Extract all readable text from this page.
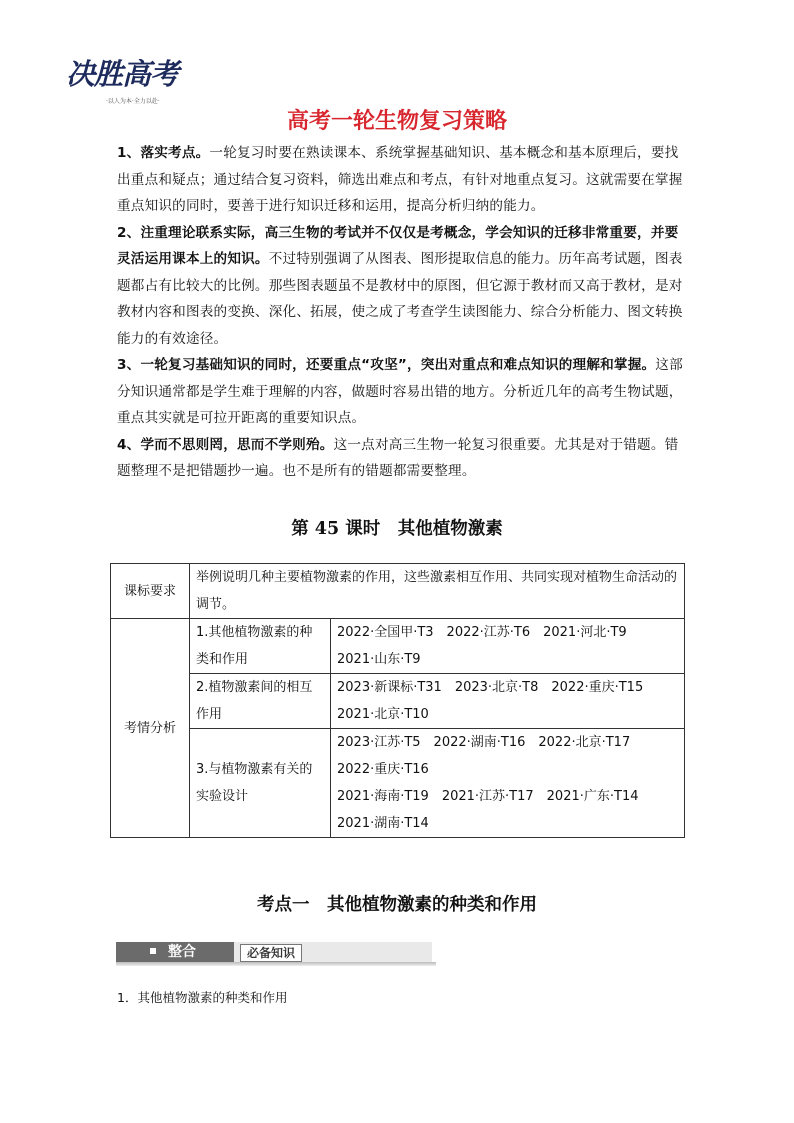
决胜高考
·以人为本·全力以赴·
高考一轮生物复习策略

1、落实考点。一轮复习时要在熟读课本、系统掌握基础知识、基本概念和基本原理后，要找出重点和疑点；通过结合复习资料，筛选出难点和考点，有针对地重点复习。这就需要在掌握重点知识的同时，要善于进行知识迁移和运用，提高分析归纳的能力。

2、注重理论联系实际，高三生物的考试并不仅仅是考概念，学会知识的迁移非常重要，并要灵活运用课本上的知识。不过特别强调了从图表、图形提取信息的能力。历年高考试题，图表题都占有比较大的比例。那些图表题虽不是教材中的原图，但它源于教材而又高于教材，是对教材内容和图表的变换、深化、拓展，使之成了考查学生读图能力、综合分析能力、图文转换能力的有效途径。

3、一轮复习基础知识的同时，还要重点“攻坚”，突出对重点和难点知识的理解和掌握。这部分知识通常都是学生难于理解的内容，做题时容易出错的地方。分析近几年的高考生物试题，重点其实就是可拉开距离的重要知识点。

4、学而不思则罔，思而不学则殆。这一点对高三生物一轮复习很重要。尤其是对于错题。错题整理不是把错题抄一遍。也不是所有的错题都需要整理。

第 45 课时　其他植物激素
课标要求	举例说明几种主要植物激素的作用，这些激素相互作用、共同实现对植物生命活动的调节。	
考情分析	1.其他植物激素的种类和作用	2022·全国甲·T3　2022·江苏·T6　2021·河北·T9
2021·山东·T9

	2.植物激素间的相互作用	2023·新课标·T31　2023·北京·T8　2022·重庆·T15
2021·北京·T10

	3.与植物激素有关的实验设计	2023·江苏·T5　2022·湖南·T16　2022·北京·T17
2022·重庆·T16
2021·海南·T19　2021·江苏·T17　2021·广东·T14
2021·湖南·T14
考点一　其他植物激素的种类和作用
整合	必备知识
1．其他植物激素的种类和作用
